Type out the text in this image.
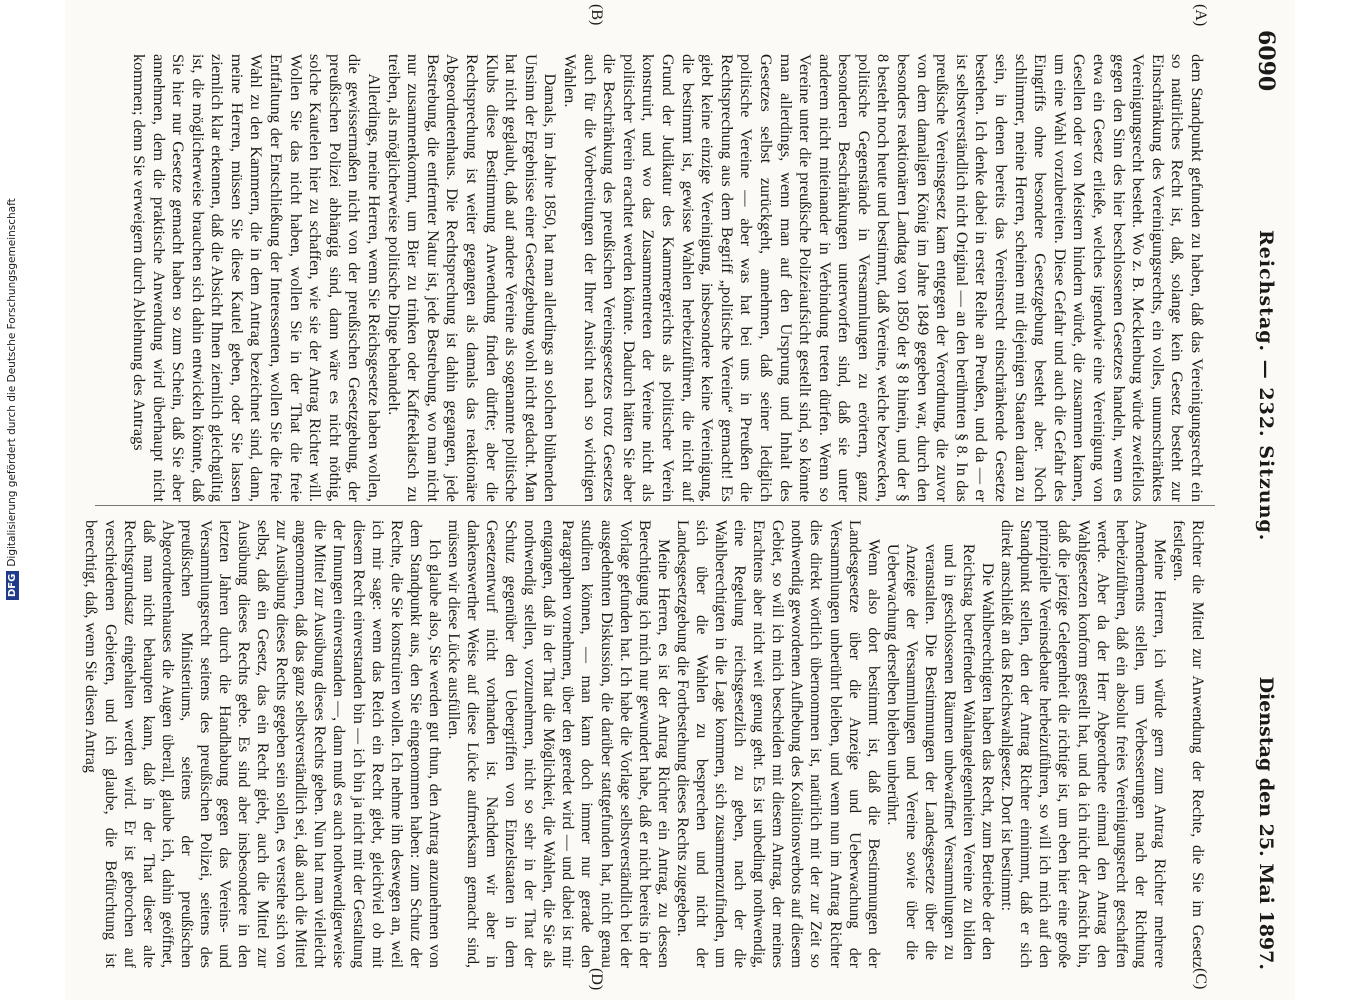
6090
Reichstag. — 232. Sitzung.
Dienstag den 25. Mai 1897.
(A)
(B)
(C)
(D)

dem Standpunkt gefunden zu haben, daß das Vereinigungsrecht ein so natürliches Recht ist, daß, solange kein Gesetz besteht zur Einschränkung des Vereinigungsrechts, ein volles, unumschränktes Vereinigungsrecht besteht. Wo z. B. Mecklenburg würde zweifellos gegen den Sinn des hier beschlossenen Gesetzes handeln, wenn es etwa ein Gesetz erließe, welches irgendwie eine Vereinigung von Gesellen oder von Meistern hindern würde, die zusammen kamen, um eine Wahl vorzubereiten. Diese Gefahr und auch die Gefahr des Eingriffs ohne besondere Gesetzgebung besteht aber. Noch schlimmer, meine Herren, scheinen mit diejenigen Staaten daran zu sein, in denen bereits das Vereinsrecht einschränkende Gesetze bestehen. Ich denke dabei in erster Reihe an Preußen, und da — er ist selbstverständlich nicht Original — an den berühmten § 8. In das preußische Vereinsgesetz kam entgegen der Verordnung, die zuvor von dem damaligen König im Jahre 1849 gegeben war, durch den besonders reaktionären Landtag von 1850 der § 8 hinein, und der § 8 besteht noch heute und bestimmt, daß Vereine, welche bezwecken, politische Gegenstände in Versammlungen zu erörtern, ganz besonderen Beschränkungen unterworfen sind, daß sie unter anderem nicht miteinander in Verbindung treten dürfen. Wenn so Vereine unter die preußische Polizeiaufsicht gestellt sind, so könnte man allerdings, wenn man auf den Ursprung und Inhalt des Gesetzes selbst zurückgeht, annehmen, daß seiner lediglich politische Vereine — aber was hat bei uns in Preußen die Rechtsprechung aus dem Begriff „politische Vereine“ gemacht! Es giebt keine einzige Vereinigung, insbesondere keine Vereinigung, die bestimmt ist, gewisse Wahlen herbeizuführen, die nicht auf Grund der Judikatur des Kammergerichts als politischer Verein konstruirt, und wo das Zusammentreten der Vereine nicht als politischer Verein erachtet werden könnte. Dadurch hätten Sie aber die Beschränkung des preußischen Vereinsgesetzes trotz Gesetzes auch für die Vorbereitungen der Ihrer Ansicht nach so wichtigen Wahlen.

Damals, im Jahre 1850, hat man allerdings an solchen blühenden Unsinn der Ergebnisse einer Gesetzgebung wohl nicht gedacht. Man hat nicht geglaubt, daß auf andere Vereine als sogenannte politische Klubs diese Bestimmung Anwendung finden dürfte; aber die Rechtsprechung ist weiter gegangen als damals das reaktionäre Abgeordnetenhaus. Die Rechtsprechung ist dahin gegangen, jede Bestrebung, die entfernter Natur ist, jede Bestrebung, wo man nicht nur zusammenkommt, um Bier zu trinken oder Kaffeeklatsch zu treiben, als möglicherweise politische Dinge behandelt.

Allerdings, meine Herren, wenn Sie Reichsgesetze haben wollen, die gewissermaßen nicht von der preußischen Gesetzgebung, der preußischen Polizei abhängig sind, dann wäre es nicht nöthig, solche Kautelen hier zu schaffen, wie sie der Antrag Richter will. Wollen Sie das nicht haben, wollen Sie in der That die freie Entfaltung der Entschließung der Interessenten, wollen Sie die freie Wahl zu den Kammern, die in dem Antrag bezeichnet sind, dann, meine Herren, müssen Sie diese Kautel geben, oder Sie lassen ziemlich klar erkennen, daß die Absicht Ihnen ziemlich gleichgültig ist, die möglicherweise brauchen sich dahin entwickeln könnte, daß Sie hier nur Gesetze gemacht haben so zum Schein, daß Sie aber annehmen, dem die praktische Anwendung wird überhaupt nicht kommen; denn Sie verweigern durch Ablehnung des Antrags

Richter die Mittel zur Anwendung der Rechte, die Sie im Gesetz festlegen.

Meine Herren, ich würde gern zum Antrag Richter mehrere Amendements stellen, um Verbesserungen nach der Richtung herbeizuführen, daß ein absolut freies Vereinigungsrecht geschaffen werde. Aber da der Herr Abgeordnete einmal den Antrag den Wahlgesetzen konform gestellt hat, und da ich nicht der Ansicht bin, daß die jetzige Gelegenheit die richtige ist, um eben hier eine große prinzipielle Vereinsdebatte herbeizuführen, so will ich mich auf den Standpunkt stellen, den der Antrag Richter einnimmt, daß er sich direkt anschließt an das Reichswahlgesetz. Dort ist bestimmt:

Die Wahlberechtigten haben das Recht, zum Betriebe der den Reichstag betreffenden Wahlangelegenheiten Vereine zu bilden und in geschlossenen Räumen unbewaffnet Versammlungen zu veranstalten. Die Bestimmungen der Landesgesetze über die Anzeige der Versammlungen und Vereine sowie über die Ueberwachung derselben bleiben unberührt.

Wenn also dort bestimmt ist, daß die Bestimmungen der Landesgesetze über die Anzeige und Ueberwachung der Versammlungen unberührt bleiben, und wenn nun im Antrag Richter dies direkt wörtlich übernommen ist, natürlich mit der zur Zeit so nothwendig gewordenen Aufhebung des Koalitionsverbots auf diesem Gebiet, so will ich mich bescheiden mit diesem Antrag, der meines Erachtens aber nicht weit genug geht. Es ist unbedingt nothwendig, eine Regelung reichsgesetzlich zu geben, nach der die Wahlberechtigten in die Lage kommen, sich zusammenzufinden, um sich über die Wahlen zu besprechen und nicht der Landesgesetzgebung die Fortbestehung dieses Rechts zugegeben.

Meine Herren, es ist der Antrag Richter ein Antrag, zu dessen Berechtigung ich mich nur gewundert habe, daß er nicht bereits in der Vorlage gefunden hat. Ich habe die Vorlage selbstverständlich bei der ausgedehnten Diskussion, die darüber stattgefunden hat, nicht genau studiren können, — man kann doch immer nur gerade den Paragraphen vornehmen, über den geredet wird — und dabei ist mir entgangen, daß in der That die Möglichkeit, die Wahlen, die Sie als nothwendig stellen, vorzunehmen, nicht so sehr in der That der Schutz gegenüber den Uebergriffen von Einzelstaaten in dem Gesetzentwurf nicht vorhanden ist. Nachdem wir aber in dankenswerther Weise auf diese Lücke aufmerksam gemacht sind, müssen wir diese Lücke ausfüllen.

Ich glaube also, Sie werden gut thun, den Antrag anzunehmen von dem Standpunkt aus, den Sie eingenommen haben: zum Schutz der Rechte, die Sie konstruiren wollen. Ich nehme ihn deswegen an, weil ich mir sage: wenn das Reich ein Recht giebt, gleichviel ob mit diesem Recht einverstanden bin — ich bin ja nicht mit der Gestaltung der Innungen einverstanden —, dann muß es auch nothwendigerweise die Mittel zur Ausübung dieses Rechts geben. Nun hat man vielleicht angenommen, daß das ganz selbstverständlich sei, daß auch die Mittel zur Ausübung dieses Rechts gegeben sein sollen, es verstehe sich von selbst, daß ein Gesetz, das ein Recht giebt, auch die Mittel zur Ausübung dieses Rechts gebe. Es sind aber insbesondere in den letzten Jahren durch die Handhabung gegen das Vereins- und Versammlungsrecht seitens des preußischen Polizei, seitens des preußischen Ministeriums, seitens der preußischen Abgeordnetenhauses die Augen überall, glaube ich, dahin geöffnet, daß man nicht behaupten kann, daß in der That dieser alte Rechtsgrundsatz eingehalten werden wird. Er ist gebrochen auf verschiedenen Gebieten, und ich glaube, die Befürchtung ist berechtigt, daß, wenn Sie diesen Antrag

DFGDigitalisierung gefördert durch die Deutsche Forschungsgemeinschaft
